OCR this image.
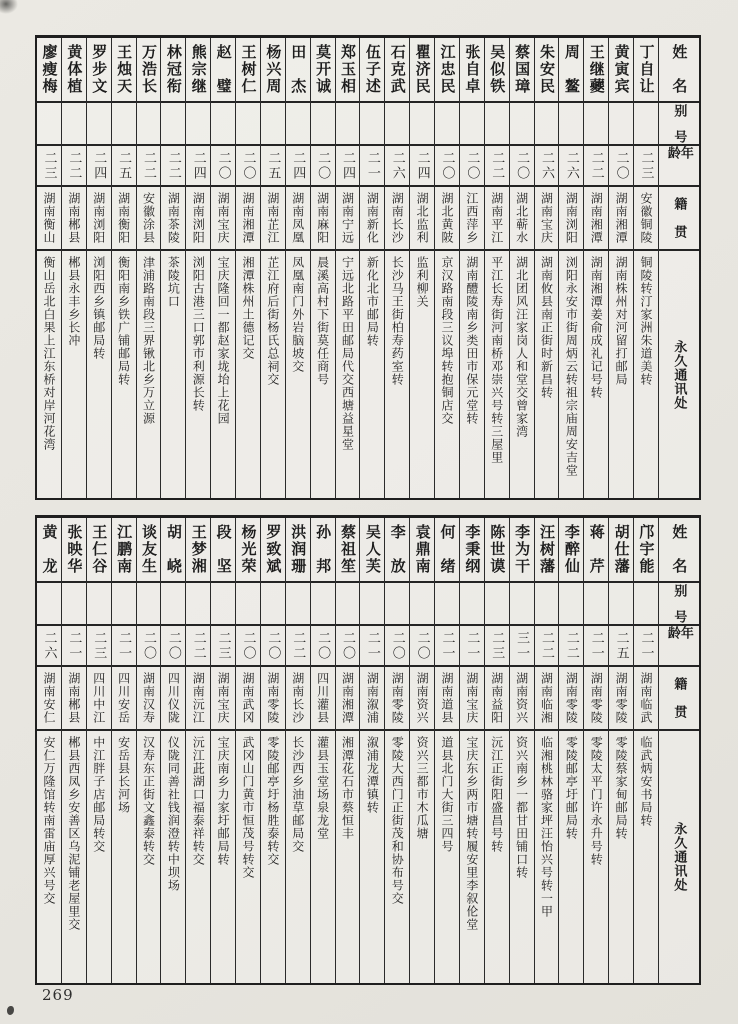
廖瘦梅
二三
湖南衡山
衡山岳北白果上江东桥对岸河花湾
黄体植
二二
湖南郴县
郴县永丰乡长冲
罗步文
二四
湖南浏阳
浏阳西乡镇邮局转
王烛天
二五
湖南衡阳
衡阳南乡铁广铺邮局转
万浩长
二二
安徽涂县
津浦路南段三界锹北乡万立源
林冠衔
二二
湖南茶陵
茶陵坑口
熊宗继
二四
湖南浏阳
浏阳古港三口郭市利源长转
赵　璧
二〇
湖南宝庆
宝庆隆回一都赵家垅坮上花园
王树仁
二〇
湖南湘潭
湘潭株州土德记交
杨兴周
二五
湖南芷江
芷江府后街杨氏总祠交
田　杰
二四
湖南凤凰
凤凰南门外岩脑坡交
莫开诚
二〇
湖南麻阳
晨溪高村下街莫任商号
郑玉相
二四
湖南宁远
宁远北路平田邮局代交西塘益星堂
伍子述
二一
湖南新化
新化北市邮局转
石克武
二六
湖南长沙
长沙马王街柏寿药室转
瞿济民
二四
湖北监利
监利柳关
江忠民
二〇
湖北黄陂
京汉路南段三议埠转抱铜店交
张自卓
二〇
江西萍乡
湖南醴陵南乡类田市保元堂转
吴似铁
二二
湖南平江
平江长寿街河南桥邓崇兴号转三屋里
蔡国璋
二〇
湖北蕲水
湖北团风汪家岗人和堂交曾家湾
朱安民
二六
湖南宝庆
湖南攸县南正街时新昌转
周　鳌
二六
湖南浏阳
浏阳永安市街周炳云转祖宗庙周安吉堂
王继虁
二二
湖南湘潭
湖南湘潭姜俞成礼记号转
黄寅宾
二〇
湖南湘潭
湖南株州对河留打邮局
丁自让
二三
安徽铜陵
铜陵转汀家洲朱道美转
姓　名
别　号
年　龄
籍　贯
永久通讯处
黄　龙
二六
湖南安仁
安仁万隆馆转南雷庙厚兴号交
张映华
二一
湖南郴县
郴县西凤乡安善区乌泥铺老屋里交
王仁谷
二三
四川中江
中江胖子店邮局转交
江鹏南
二一
四川安岳
安岳县长河场
谈友生
二〇
湖南汉寿
汉寿东正街文鑫泰转交
胡　峣
二〇
四川仪陇
仪陇同善社钱润澄转中坝场
王梦湘
二二
湖南沅江
沅江茈湖口福泰祥转交
段　坚
二三
湖南宝庆
宝庆南乡力家圩邮局转
杨光荣
二〇
湖南武冈
武冈山门黄市恒茂号转交
罗致斌
二〇
湖南零陵
零陵邮亭圩杨胜泰转交
洪润珊
二二
湖南长沙
长沙西乡油草邮局交
孙　邦
二〇
四川灌县
灌县玉堂场泉龙堂
蔡祖笙
二〇
湖南湘潭
湘潭花石市蔡恒丰
吴人芙
二一
湖南溆浦
溆浦龙潭镇转
李　放
二〇
湖南零陵
零陵大西门正街茂和协布号交
袁鼎南
二〇
湖南资兴
资兴三都市木瓜塘
何　绪
二一
湖南道县
道县北门大街三四号
李秉纲
二一
湖南宝庆
宝庆东乡两市塘转履安里李叙伦堂
陈世谟
二三
湖南益阳
沅江正街阳盛昌号转
李为干
三一
湖南资兴
资兴南乡一都甘田铺口转
汪树藩
二二
湖南临湘
临湘桃林骆家坪汪怡兴号转一甲
李醉仙
二二
湖南零陵
零陵邮亭圩邮局转
蒋　芹
二一
湖南零陵
零陵太平门许永升号转
胡仕藩
二五
湖南零陵
零陵蔡家甸邮局转
邝宇能
二一
湖南临武
临武炳安书局转
姓　名
别　号
年　龄
籍　贯
永久通讯处
269
